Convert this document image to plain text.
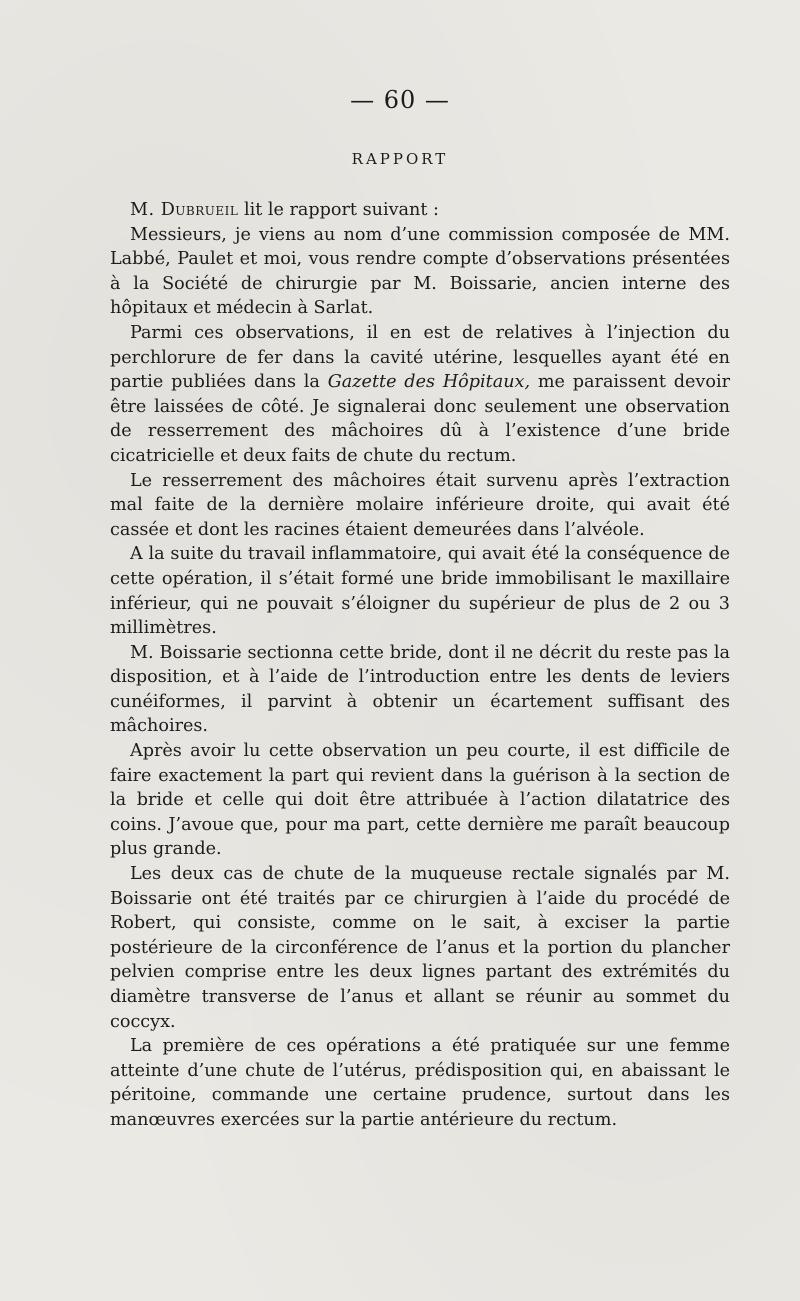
— 60 —
RAPPORT

M. Dubrueil lit le rapport suivant :

Messieurs, je viens au nom d’une commission composée de MM. Labbé, Paulet et moi, vous rendre compte d’observations présentées à la Société de chirurgie par M. Boissarie, ancien interne des hôpitaux et médecin à Sarlat.

Parmi ces observations, il en est de relatives à l’injection du perchlorure de fer dans la cavité utérine, lesquelles ayant été en partie publiées dans la Gazette des Hôpitaux, me paraissent devoir être laissées de côté. Je signalerai donc seulement une observation de resserrement des mâchoires dû à l’existence d’une bride cicatricielle et deux faits de chute du rectum.

Le resserrement des mâchoires était survenu après l’extraction mal faite de la dernière molaire inférieure droite, qui avait été cassée et dont les racines étaient demeurées dans l’alvéole.

A la suite du travail inflammatoire, qui avait été la conséquence de cette opération, il s’était formé une bride immobilisant le maxillaire inférieur, qui ne pouvait s’éloigner du supérieur de plus de 2 ou 3 millimètres.

M. Boissarie sectionna cette bride, dont il ne décrit du reste pas la disposition, et à l’aide de l’introduction entre les dents de leviers cunéiformes, il parvint à obtenir un écartement suffisant des mâchoires.

Après avoir lu cette observation un peu courte, il est difficile de faire exactement la part qui revient dans la guérison à la section de la bride et celle qui doit être attribuée à l’action dilatatrice des coins. J’avoue que, pour ma part, cette dernière me paraît beaucoup plus grande.

Les deux cas de chute de la muqueuse rectale signalés par M. Boissarie ont été traités par ce chirurgien à l’aide du procédé de Robert, qui consiste, comme on le sait, à exciser la partie postérieure de la circonférence de l’anus et la portion du plancher pelvien comprise entre les deux lignes partant des extrémités du diamètre transverse de l’anus et allant se réunir au sommet du coccyx.

La première de ces opérations a été pratiquée sur une femme atteinte d’une chute de l’utérus, prédisposition qui, en abaissant le péritoine, commande une certaine prudence, surtout dans les manœuvres exercées sur la partie antérieure du rectum.
